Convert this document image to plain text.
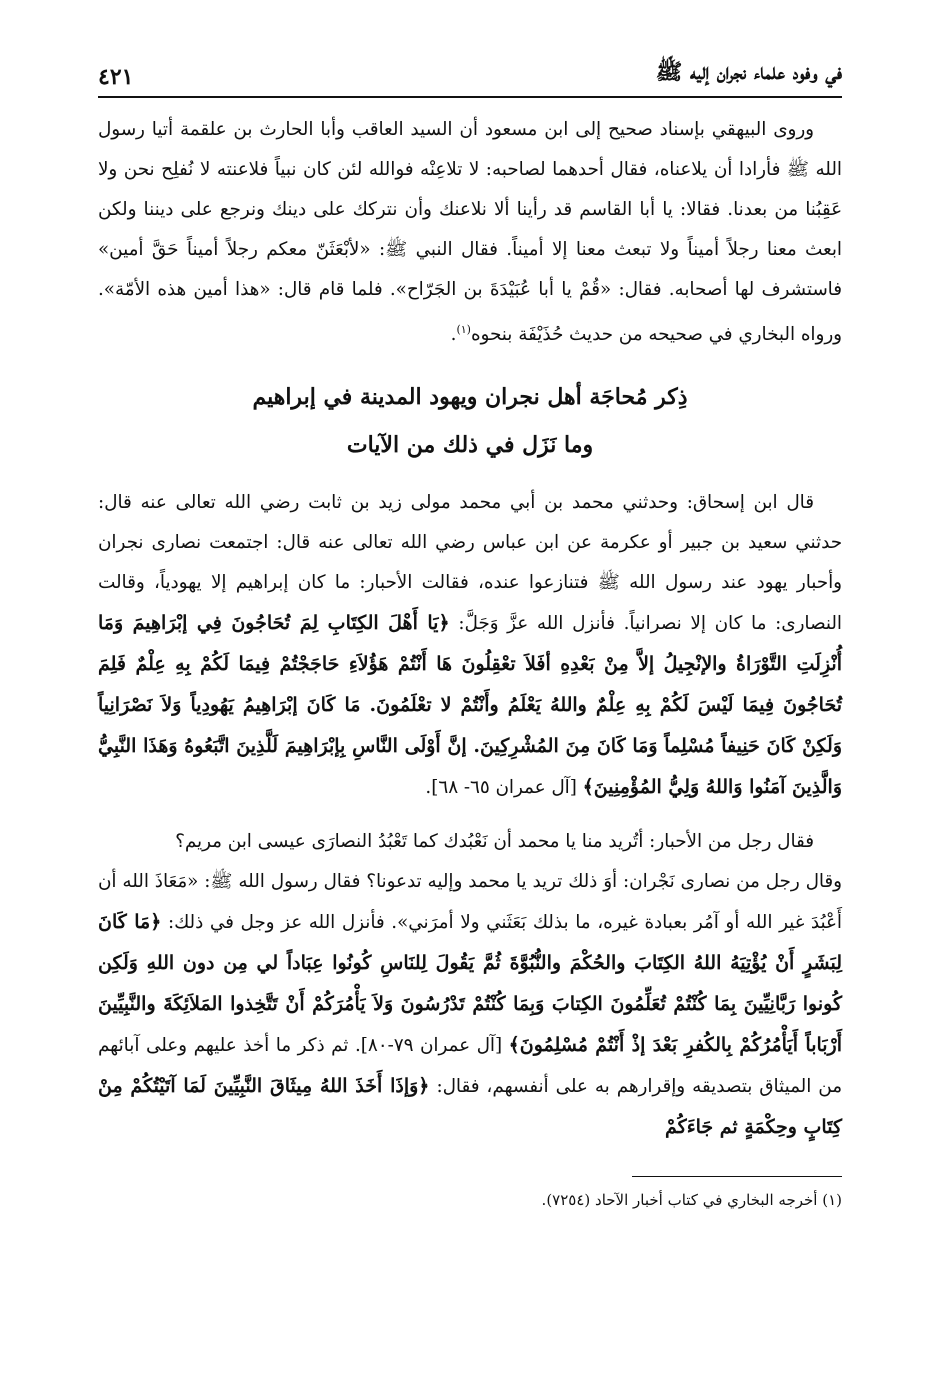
في وفود علماء نجران إليه ﷺ
٤٢١

وروى البيهقي بإسناد صحيح إلى ابن مسعود أن السيد العاقب وأبا الحارث بن علقمة أتيا رسول الله ﷺ فأرادا أن يلاعناه، فقال أحدهما لصاحبه: لا تلاعِنْه فوالله لئن كان نبياً فلاعنته لا نُفلِح نحن ولا عَقِبُنا من بعدنا. فقالا: يا أبا القاسم قد رأينا ألا نلاعنك وأن نتركك على دينك ونرجع على ديننا ولكن ابعث معنا رجلاً أميناً ولا تبعث معنا إلا أميناً. فقال النبي ﷺ: «لأبْعَثَنّ معكم رجلاً أميناً حَقَّ أمين» فاستشرف لها أصحابه. فقال: «قُمْ يا أبا عُبَيْدَةَ بن الجَرّاح». فلما قام قال: «هذا أمين هذه الأمّة». ورواه البخاري في صحيحه من حديث حُذَيْفَة بنحوه$^{(١)}$.

ذِكر مُحاجَة أهل نجران ويهود المدينة في إبراهيم
وما نَزَل في ذلك من الآيات

قال ابن إسحاق: وحدثني محمد بن أبي محمد مولى زيد بن ثابت رضي الله تعالى عنه قال: حدثني سعيد بن جبير أو عكرمة عن ابن عباس رضي الله تعالى عنه قال: اجتمعت نصارى نجران وأحبار يهود عند رسول الله ﷺ فتنازعوا عنده، فقالت الأحبار: ما كان إبراهيم إلا يهودياً، وقالت النصارى: ما كان إلا نصرانياً. فأنزل الله عزَّ وَجَلَّ: ﴿يَا أَهْلَ الكِتَابِ لِمَ تُحَاجُونَ فِي إبْرَاهِيمَ وَمَا أُنْزِلَتِ التَّوْرَاةُ والإنْجِيلُ إلاَّ مِنْ بَعْدِهِ أفَلاَ تعْقِلُونَ هَا أَنْتُمْ هَؤُلاَءِ حَاجَجْتُمْ فِيمَا لَكُمْ بِهِ عِلْمٌ فَلِمَ تُحَاجُونَ فِيمَا لَيْسَ لَكُمْ بِهِ عِلْمٌ واللهُ يَعْلَمُ وأَنْتُمْ لا تعْلَمُونَ. مَا كَانَ إبْرَاهِيمُ يَهُودِياً وَلاَ نَصْرَانِياً وَلَكِنْ كَانَ حَنِيفاً مُسْلِماً وَمَا كَانَ مِنَ المُشْرِكِينَ. إنَّ أَوْلَى النَّاسِ بِإبْرَاهِيمَ لَلَّذِينَ اتَّبَعُوهُ وَهَذَا النَّبِيُّ وَالَّذِينَ آمَنُوا وَاللهُ وَلِيُّ المُؤْمِنِينَ﴾ [آل عمران ٦٥- ٦٨].

فقال رجل من الأحبار: أتُريد منا يا محمد أن نَعْبُدك كما تَعْبُدُ النصارَى عيسى ابن مريم؟

وقال رجل من نصارى نَجْران: أوَ ذلك تريد يا محمد وإليه تدعونا؟ فقال رسول الله ﷺ: «مَعَاذَ الله أن أَعْبُدَ غير الله أو آمُر بعبادة غيره، ما بذلك بَعَثَني ولا أمرَني». فأنزل الله عز وجل في ذلك: ﴿مَا كَانَ لِبَشَرٍ أَنْ يُؤْتِيَهُ اللهُ الكِتَابَ والحُكْمَ والنُّبُوَّةَ ثُمَّ يَقُولَ لِلنَاسِ كُونُوا عِبَاداً لي مِن دون اللهِ وَلَكِن كُونوا رَبَّانِيِّينَ بِمَا كُنْتُمْ تُعَلِّمُونَ الكِتابَ وَبِمَا كُنْتُمْ تَدْرُسُونَ وَلاَ يَأْمُرَكُمْ أَنْ تَتَّخِذوا المَلاَئِكَةَ والنَّبِيِّينَ أَرْبَاباً أَيَأْمُرُكُمْ بِالكُفرِ بَعْدَ إذْ أَنْتُمْ مُسْلِمُونَ﴾ [آل عمران ٧٩-٨٠]. ثم ذكر ما أخذ عليهم وعلى آبائهم من الميثاق بتصديقه وإقرارهم به على أنفسهم، فقال: ﴿وَإذَا أَخَذَ اللهُ مِيثَاقَ النَّبِيِّينَ لَمَا آتَيْتُكُمْ مِنْ كِتَابٍ وحِكْمَةٍ ثم جَاءَكُمْ

(١) أخرجه البخاري في كتاب أخبار الآحاد (٧٢٥٤).
